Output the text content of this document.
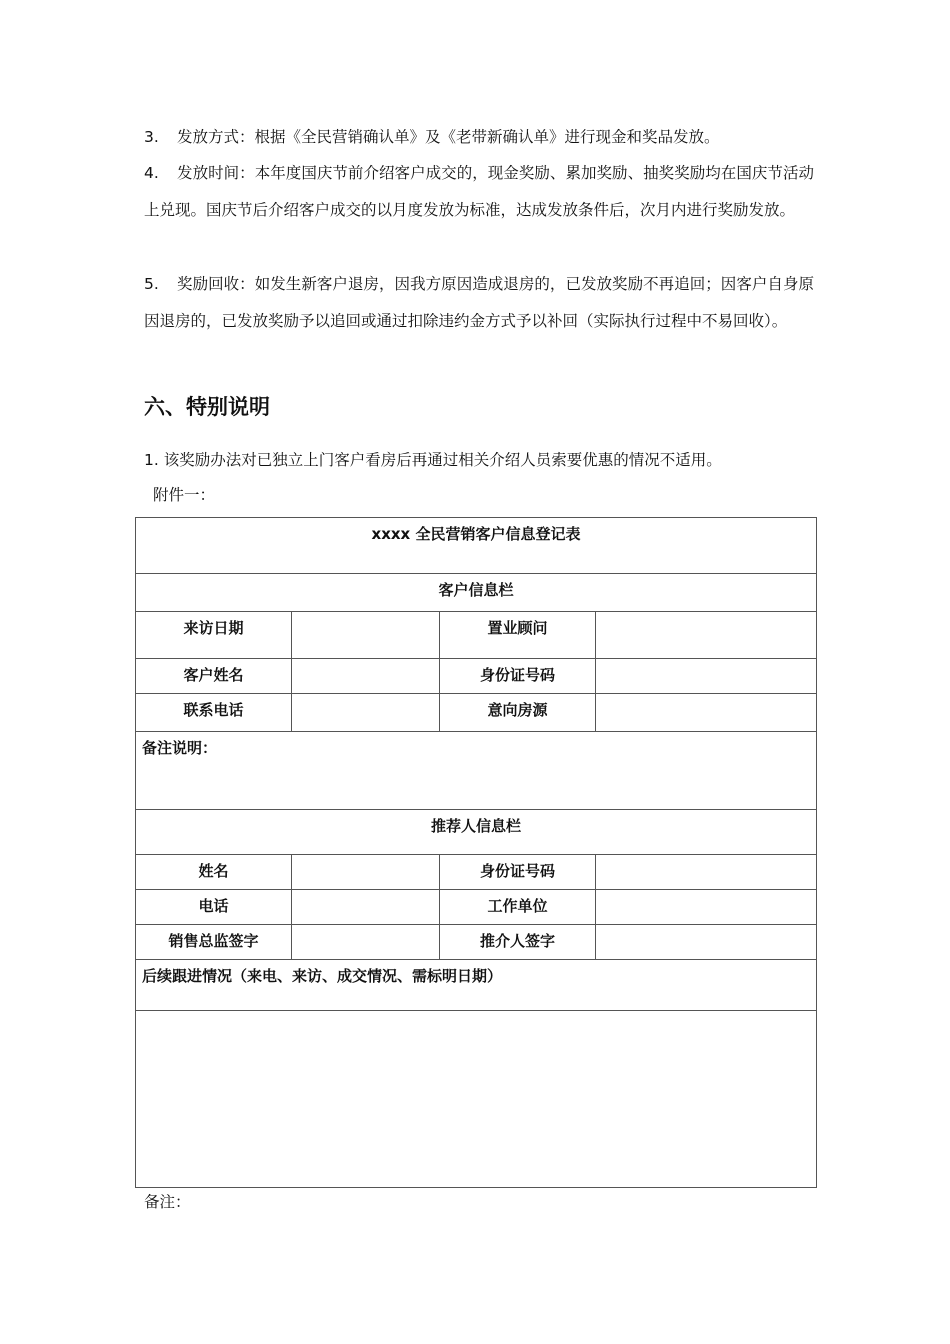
3. 发放方式：根据《全民营销确认单》及《老带新确认单》进行现金和奖品发放。
4. 发放时间：本年度国庆节前介绍客户成交的，现金奖励、累加奖励、抽奖奖励均在国庆节活动上兑现。国庆节后介绍客户成交的以月度发放为标准，达成发放条件后，次月内进行奖励发放。
5. 奖励回收：如发生新客户退房，因我方原因造成退房的，已发放奖励不再追回；因客户自身原因退房的，已发放奖励予以追回或通过扣除违约金方式予以补回（实际执行过程中不易回收）。
六、特别说明
1. 该奖励办法对已独立上门客户看房后再通过相关介绍人员索要优惠的情况不适用。
附件一：
xxxx 全民营销客户信息登记表			

客户信息栏			

来访日期		置业顾问	

客户姓名		身份证号码	

联系电话		意向房源	

备注说明：			

推荐人信息栏			

姓名		身份证号码	

电话		工作单位	

销售总监签字		推介人签字	

后续跟进情况（来电、来访、成交情况、需标明日期）			

备注：
